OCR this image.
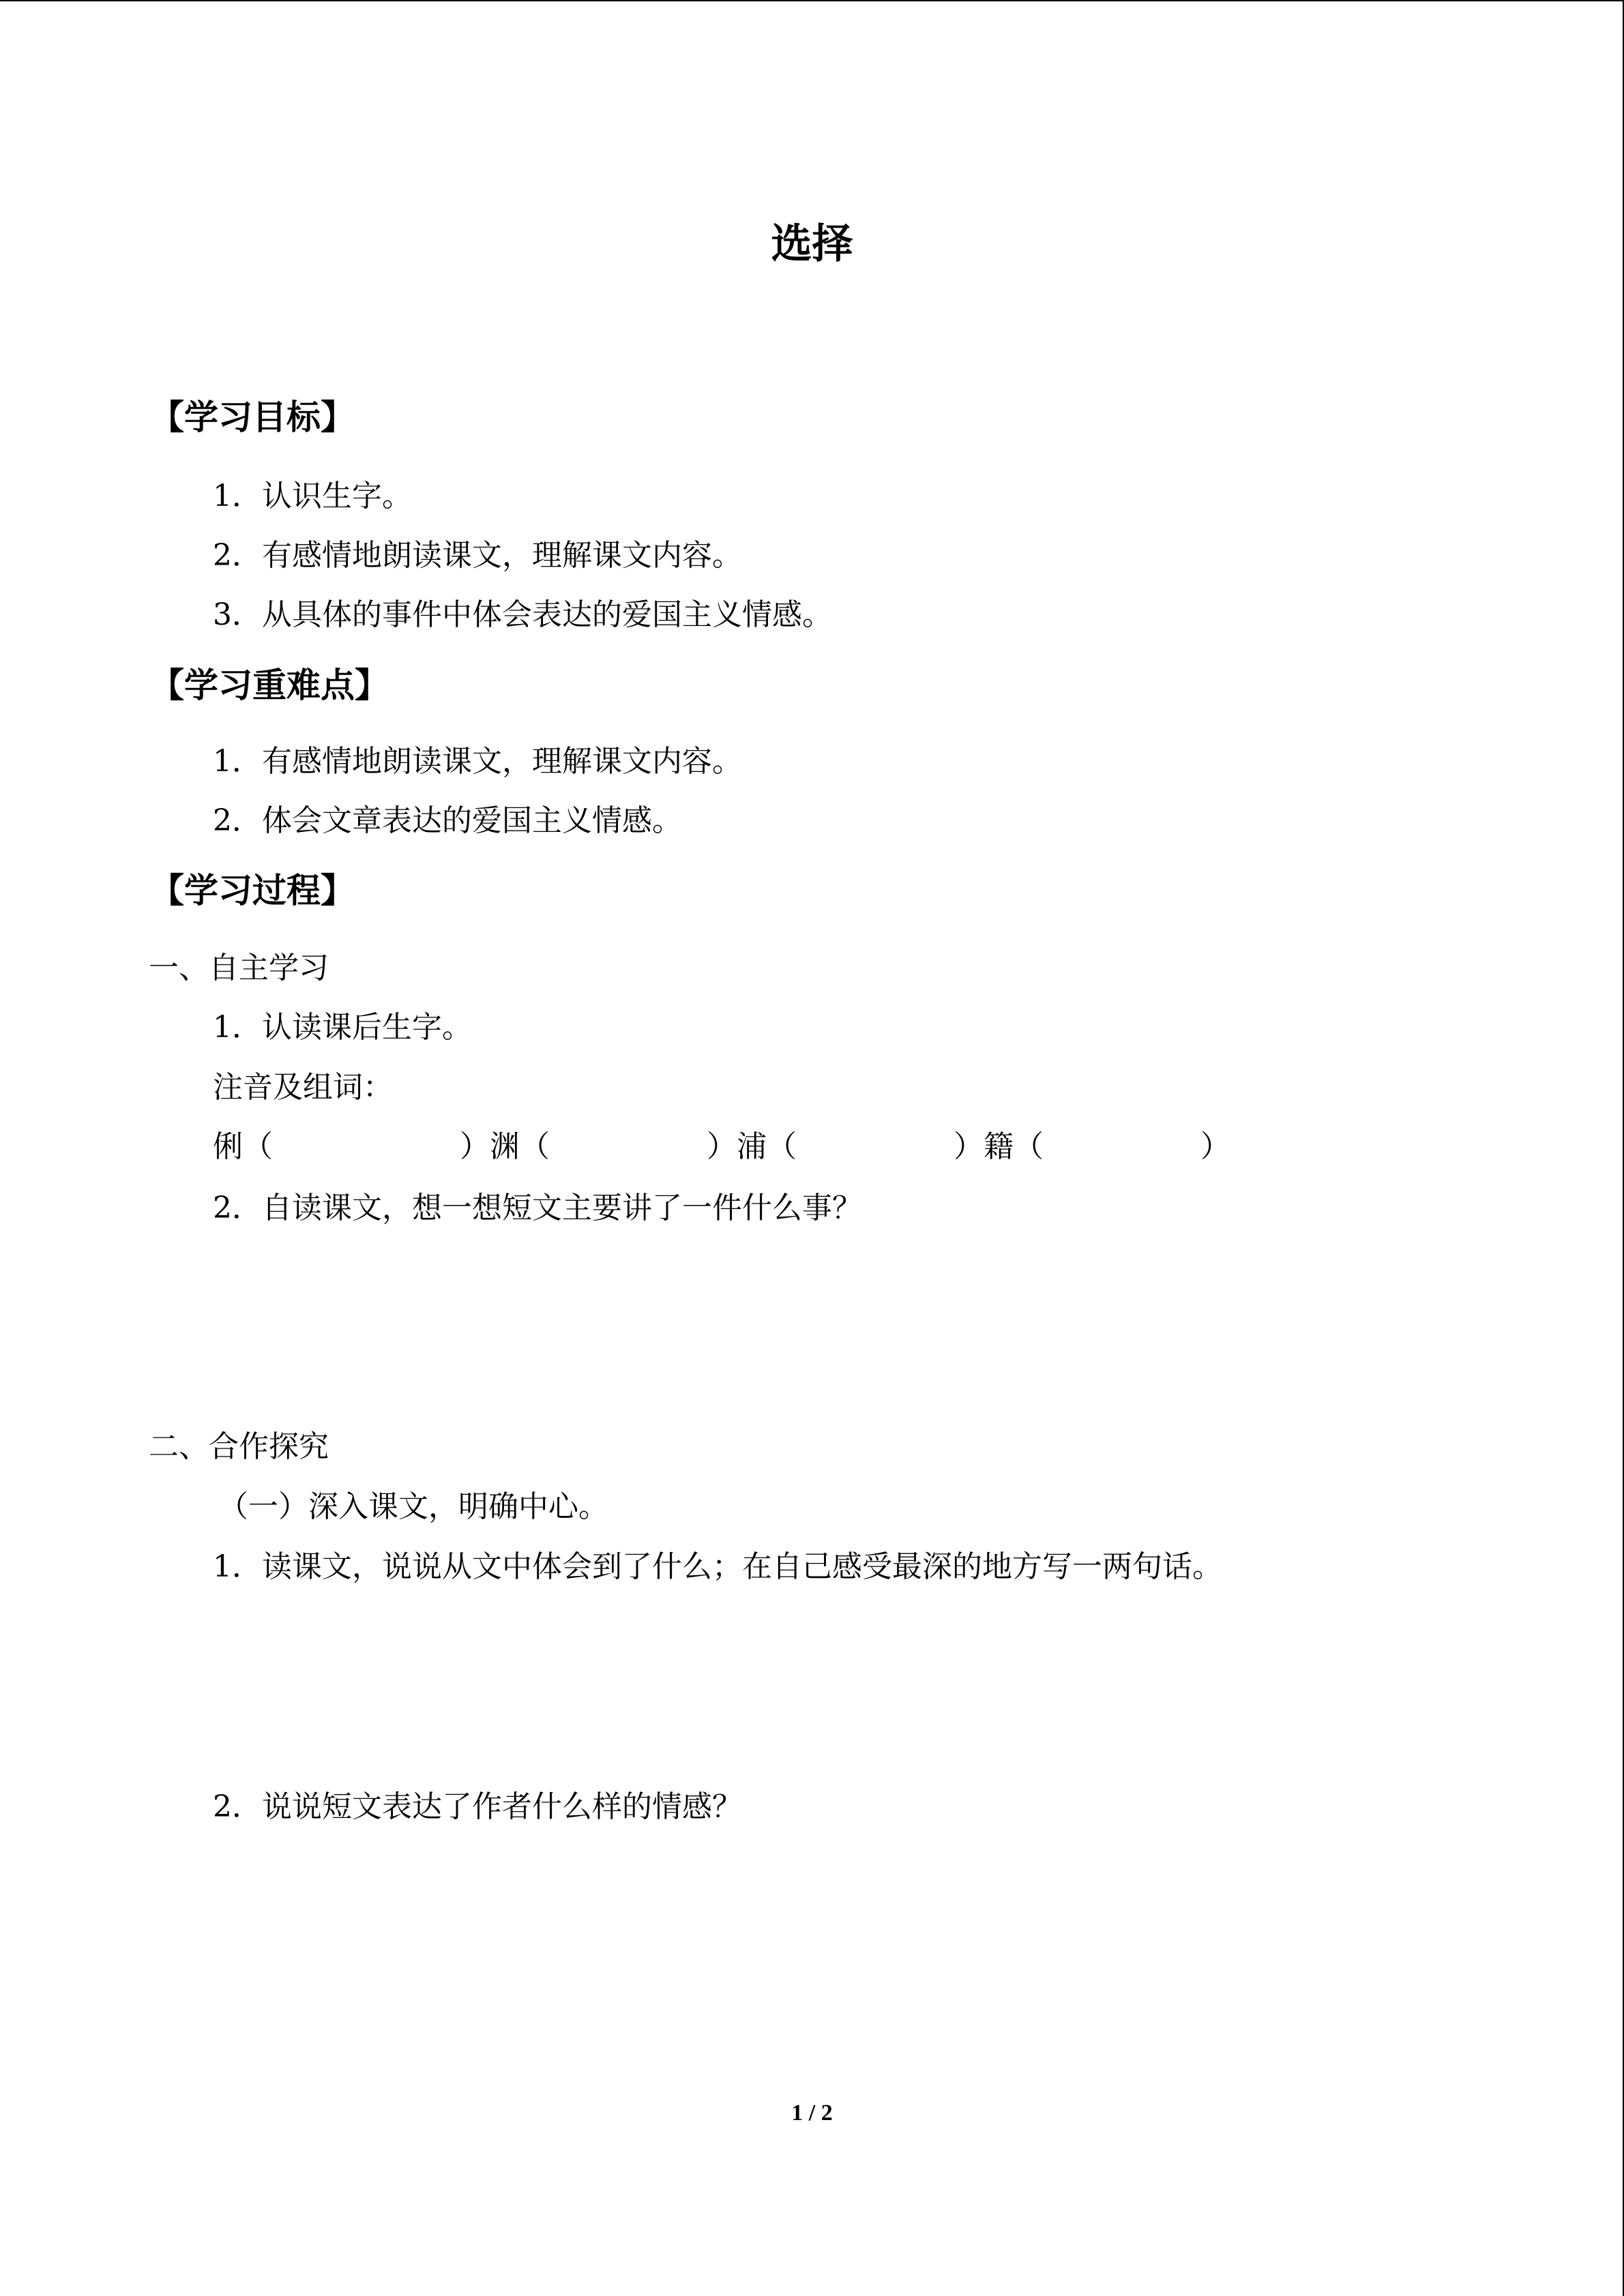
选择
【学习目标】
1．认识生字。
2．有感情地朗读课文，理解课文内容。
3．从具体的事件中体会表达的爱国主义情感。
【学习重难点】
1．有感情地朗读课文，理解课文内容。
2．体会文章表达的爱国主义情感。
【学习过程】
一、自主学习
1．认读课后生字。
注音及组词：
俐（	）渊（	）浦（	）籍（	）
2．自读课文，想一想短文主要讲了一件什么事？
二、合作探究
（一）深入课文，明确中心。
1．读课文，说说从文中体会到了什么；在自己感受最深的地方写一两句话。
2．说说短文表达了作者什么样的情感？
1 / 2
